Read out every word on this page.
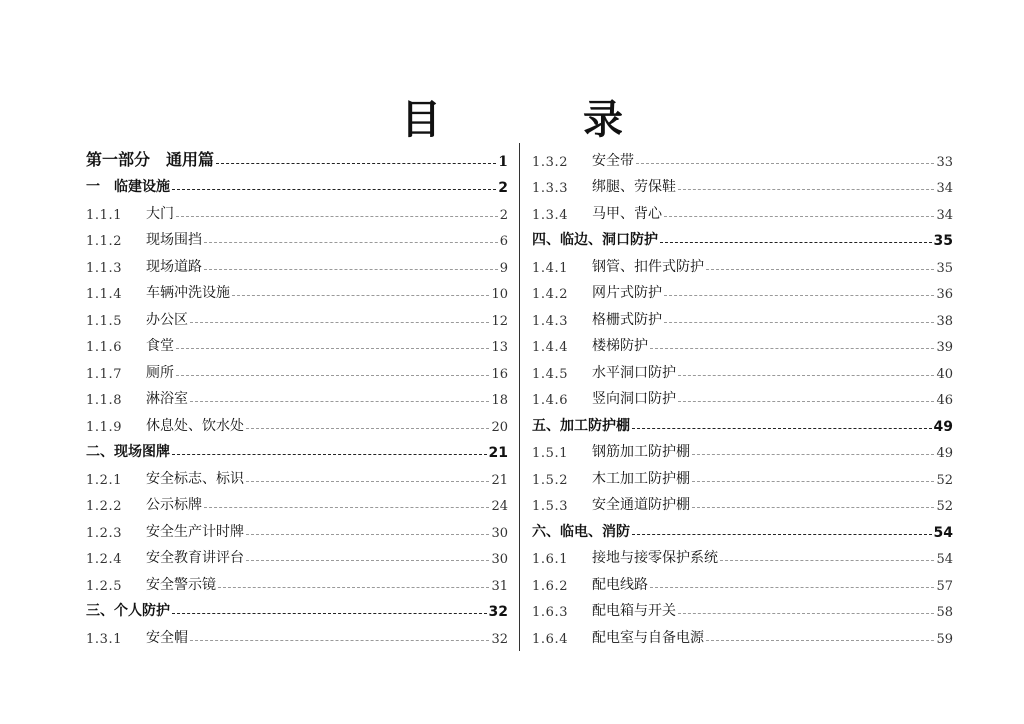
目 录
第一部分　通用篇	1
一　临建设施	2
1.1.1	大门	2
1.1.2	现场围挡	6
1.1.3	现场道路	9
1.1.4	车辆冲洗设施	10
1.1.5	办公区	12
1.1.6	食堂	13
1.1.7	厕所	16
1.1.8	淋浴室	18
1.1.9	休息处、饮水处	20
二、现场图牌	21
1.2.1	安全标志、标识	21
1.2.2	公示标牌	24
1.2.3	安全生产计时牌	30
1.2.4	安全教育讲评台	30
1.2.5	安全警示镜	31
三、个人防护	32
1.3.1	安全帽	32
1.3.2	安全带	33
1.3.3	绑腿、劳保鞋	34
1.3.4	马甲、背心	34
四、临边、洞口防护	35
1.4.1	钢管、扣件式防护	35
1.4.2	网片式防护	36
1.4.3	格栅式防护	38
1.4.4	楼梯防护	39
1.4.5	水平洞口防护	40
1.4.6	竖向洞口防护	46
五、加工防护棚	49
1.5.1	钢筋加工防护棚	49
1.5.2	木工加工防护棚	52
1.5.3	安全通道防护棚	52
六、临电、消防	54
1.6.1	接地与接零保护系统	54
1.6.2	配电线路	57
1.6.3	配电箱与开关	58
1.6.4	配电室与自备电源	59
